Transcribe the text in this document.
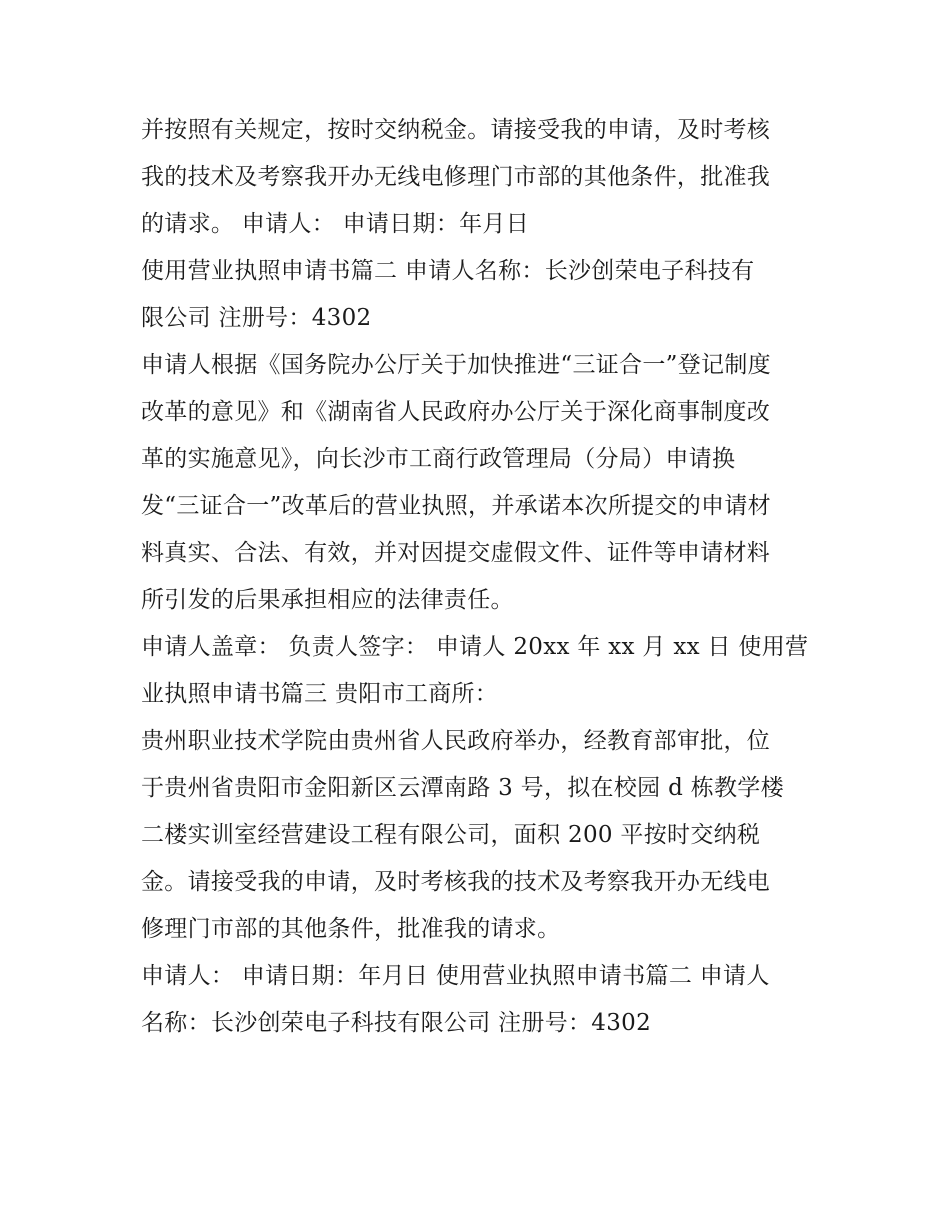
并按照有关规定，按时交纳税金。请接受我的申请，及时考核
我的技术及考察我开办无线电修理门市部的其他条件，批准我
的请求。 申请人： 申请日期：年月日
使用营业执照申请书篇二 申请人名称：长沙创荣电子科技有
限公司 注册号：4302
申请人根据《国务院办公厅关于加快推进“三证合一”登记制度
改革的意见》和《湖南省人民政府办公厅关于深化商事制度改
革的实施意见》，向长沙市工商行政管理局（分局）申请换
发“三证合一”改革后的营业执照，并承诺本次所提交的申请材
料真实、合法、有效，并对因提交虚假文件、证件等申请材料
所引发的后果承担相应的法律责任。
申请人盖章： 负责人签字： 申请人 20xx 年 xx 月 xx 日 使用营
业执照申请书篇三 贵阳市工商所：
贵州职业技术学院由贵州省人民政府举办，经教育部审批，位
于贵州省贵阳市金阳新区云潭南路 3 号，拟在校园 d 栋教学楼
二楼实训室经营建设工程有限公司，面积 200 平按时交纳税
金。请接受我的申请，及时考核我的技术及考察我开办无线电
修理门市部的其他条件，批准我的请求。
申请人： 申请日期：年月日 使用营业执照申请书篇二 申请人
名称：长沙创荣电子科技有限公司 注册号：4302
